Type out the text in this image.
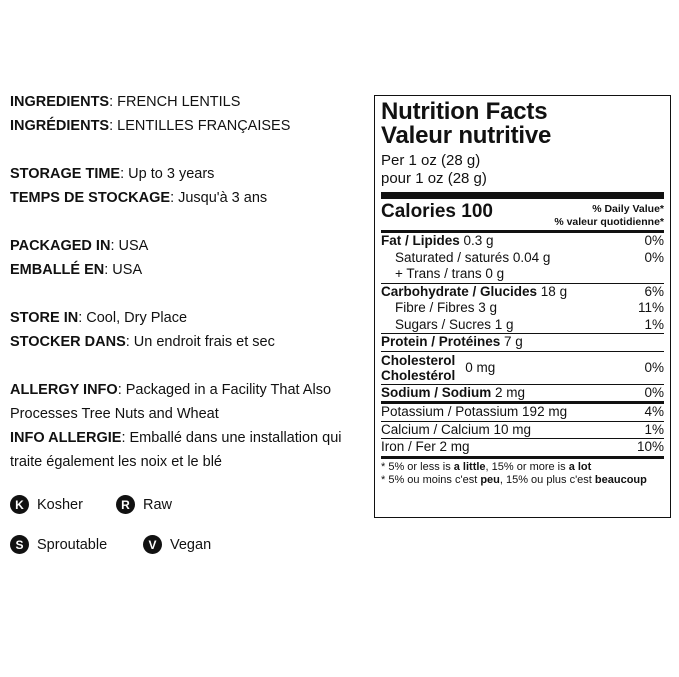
INGREDIENTS: FRENCH LENTILS
INGRÉDIENTS: LENTILLES FRANÇAISES
STORAGE TIME: Up to 3 years
TEMPS DE STOCKAGE: Jusqu'à 3 ans
PACKAGED IN: USA
EMBALLÉ EN: USA
STORE IN: Cool, Dry Place
STOCKER DANS: Un endroit frais et sec
ALLERGY INFO: Packaged in a Facility That Also Processes Tree Nuts and Wheat
INFO ALLERGIE: Emballé dans une installation qui traite également les noix et le blé
K Kosher	R Raw
S Sproutable	V Vegan
Nutrition Facts
Valeur nutritive
Per 1 oz (28 g)
pour 1 oz (28 g)
Calories 100	% Daily Value*
% valeur quotidienne*
Fat / Lipides 0.3 g	0%
Saturated / saturés 0.04 g	0%
+ Trans / trans 0 g
Carbohydrate / Glucides 18 g	6%
Fibre / Fibres 3 g	11%
Sugars / Sucres 1 g	1%
Protein / Protéines 7 g
Cholesterol
Cholestérol
0 mg	0%
Sodium / Sodium 2 mg	0%
Potassium / Potassium 192 mg	4%
Calcium / Calcium 10 mg	1%
Iron / Fer 2 mg	10%
* 5% or less is a little, 15% or more is a lot
* 5% ou moins c'est peu, 15% ou plus c'est beaucoup
